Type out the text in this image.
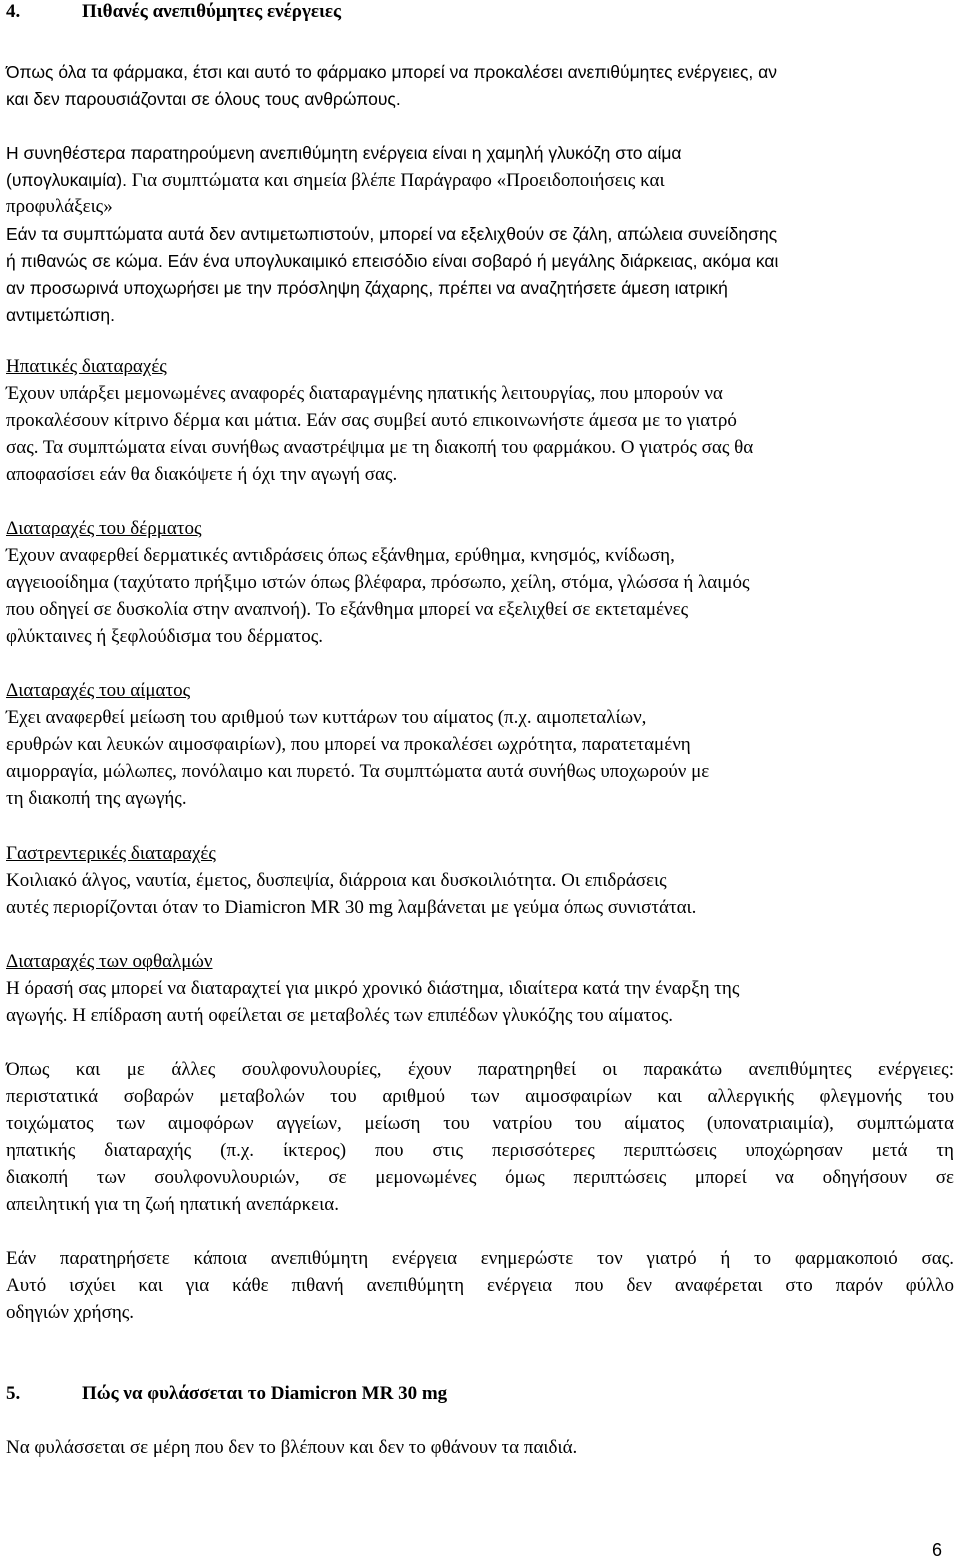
4.	Πιθανές ανεπιθύμητες ενέργειες
Όπως όλα τα φάρμακα, έτσι και αυτό το φάρμακο μπορεί να προκαλέσει ανεπιθύμητες ενέργειες, αν
και δεν παρουσιάζονται σε όλους τους ανθρώπους.
Η συνηθέστερα παρατηρούμενη ανεπιθύμητη ενέργεια είναι η χαμηλή γλυκόζη στο αίμα
(υπογλυκαιμία). Για συμπτώματα και σημεία βλέπε Παράγραφο «Προειδοποιήσεις και
προφυλάξεις»
Εάν τα συμπτώματα αυτά δεν αντιμετωπιστούν, μπορεί να εξελιχθούν σε ζάλη, απώλεια συνείδησης
ή πιθανώς σε κώμα. Εάν ένα υπογλυκαιμικό επεισόδιο είναι σοβαρό ή μεγάλης διάρκειας, ακόμα και
αν προσωρινά υποχωρήσει με την πρόσληψη ζάχαρης, πρέπει να αναζητήσετε άμεση ιατρική
αντιμετώπιση.
Ηπατικές διαταραχές
Έχουν υπάρξει μεμονωμένες αναφορές διαταραγμένης ηπατικής λειτουργίας, που μπορούν να
προκαλέσουν κίτρινο δέρμα και μάτια. Εάν σας συμβεί αυτό επικοινωνήστε άμεσα με το γιατρό
σας. Τα συμπτώματα είναι συνήθως αναστρέψιμα με τη διακοπή του φαρμάκου. Ο γιατρός σας θα
αποφασίσει εάν θα διακόψετε ή όχι την αγωγή σας.
Διαταραχές του δέρματος
Έχουν αναφερθεί δερματικές αντιδράσεις όπως εξάνθημα, ερύθημα, κνησμός, κνίδωση,
αγγειοοίδημα (ταχύτατο πρήξιμο ιστών όπως βλέφαρα, πρόσωπο, χείλη, στόμα, γλώσσα ή λαιμός
που οδηγεί σε δυσκολία στην αναπνοή). Το εξάνθημα μπορεί να εξελιχθεί σε εκτεταμένες
φλύκταινες ή ξεφλούδισμα του δέρματος.
Διαταραχές του αίματος
Έχει αναφερθεί μείωση του αριθμού των κυττάρων του αίματος (π.χ. αιμοπεταλίων,
ερυθρών και λευκών αιμοσφαιρίων), που μπορεί να προκαλέσει ωχρότητα, παρατεταμένη
αιμορραγία, μώλωπες, πονόλαιμο και πυρετό. Τα συμπτώματα αυτά συνήθως υποχωρούν με
τη διακοπή της αγωγής.
Γαστρεντερικές διαταραχές
Κοιλιακό άλγος, ναυτία, έμετος, δυσπεψία, διάρροια και δυσκοιλιότητα. Οι επιδράσεις
αυτές περιορίζονται όταν το Diamicron MR 30 mg λαμβάνεται με γεύμα όπως συνιστάται.
Διαταραχές των οφθαλμών
Η όρασή σας μπορεί να διαταραχτεί για μικρό χρονικό διάστημα, ιδιαίτερα κατά την έναρξη της
αγωγής. Η επίδραση αυτή οφείλεται σε μεταβολές των επιπέδων γλυκόζης του αίματος.
Όπως και με άλλες σουλφονυλουρίες, έχουν παρατηρηθεί οι παρακάτω ανεπιθύμητες ενέργειες:
περιστατικά σοβαρών μεταβολών του αριθμού των αιμοσφαιρίων και αλλεργικής φλεγμονής του
τοιχώματος των αιμοφόρων αγγείων, μείωση του νατρίου του αίματος (υπονατριαιμία), συμπτώματα
ηπατικής διαταραχής (π.χ. ίκτερος) που στις περισσότερες περιπτώσεις υποχώρησαν μετά τη
διακοπή των σουλφονυλουριών, σε μεμονωμένες όμως περιπτώσεις μπορεί να οδηγήσουν σε
απειλητική για τη ζωή ηπατική ανεπάρκεια.
Εάν παρατηρήσετε κάποια ανεπιθύμητη ενέργεια ενημερώστε τον γιατρό ή το φαρμακοποιό σας.
Αυτό ισχύει και για κάθε πιθανή ανεπιθύμητη ενέργεια που δεν αναφέρεται στο παρόν φύλλο
οδηγιών χρήσης.
5.	Πώς να φυλάσσεται το Diamicron MR 30 mg
Να φυλάσσεται σε μέρη που δεν το βλέπουν και δεν το φθάνουν τα παιδιά.
6
